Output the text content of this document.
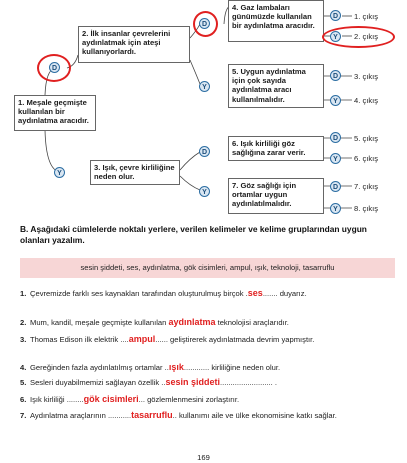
1. Meşale geçmişte kullanılan bir aydınlatma aracıdır.
2. İlk insanlar çevrelerini aydınlatmak için ateşi kullanıyorlardı.
3. Işık, çevre kirliliğine neden olur.
4. Gaz lambaları günümüzde kullanılan bir aydınlatma aracıdır.
5. Uygun aydınlatma için çok sayıda aydınlatma aracı kullanılmalıdır.
6. Işık kirliliği göz sağlığına zarar verir.
7. Göz sağlığı için ortamlar uygun aydınlatılmalıdır.
D
Y
D
Y
D
Y
D
Y
D
Y
D
Y
D
Y
1. çıkış
2. çıkış
3. çıkış
4. çıkış
5. çıkış
6. çıkış
7. çıkış
8. çıkış
B. Aşağıdaki cümlelerde noktalı yerlere, verilen kelimeler ve kelime gruplarından uygun olanları yazalım.
sesin şiddeti, ses, aydınlatma, gök cisimleri, ampul, ışık, teknoloji, tasarruflu
1. Çevremizde farklı ses kaynakları tarafından oluşturulmuş birçok .ses....... duyarız.
2. Mum, kandil, meşale geçmişte kullanılan aydınlatma teknolojisi araçlarıdır.
3. Thomas Edison ilk elektrik ....ampul...... geliştirerek aydınlatmada devrim yapmıştır.
4. Gereğinden fazla aydınlatılmış ortamlar ..ışık............ kirliliğine neden olur.
5. Sesleri duyabilmemizi sağlayan özellik ..sesin şiddeti......................... .
6. Işık kirliliği ........gök cisimleri... gözlemlenmesini zorlaştırır.
7. Aydınlatma araçlarının ...........tasarruflu.. kullanımı aile ve ülke ekonomisine katkı sağlar.
169
